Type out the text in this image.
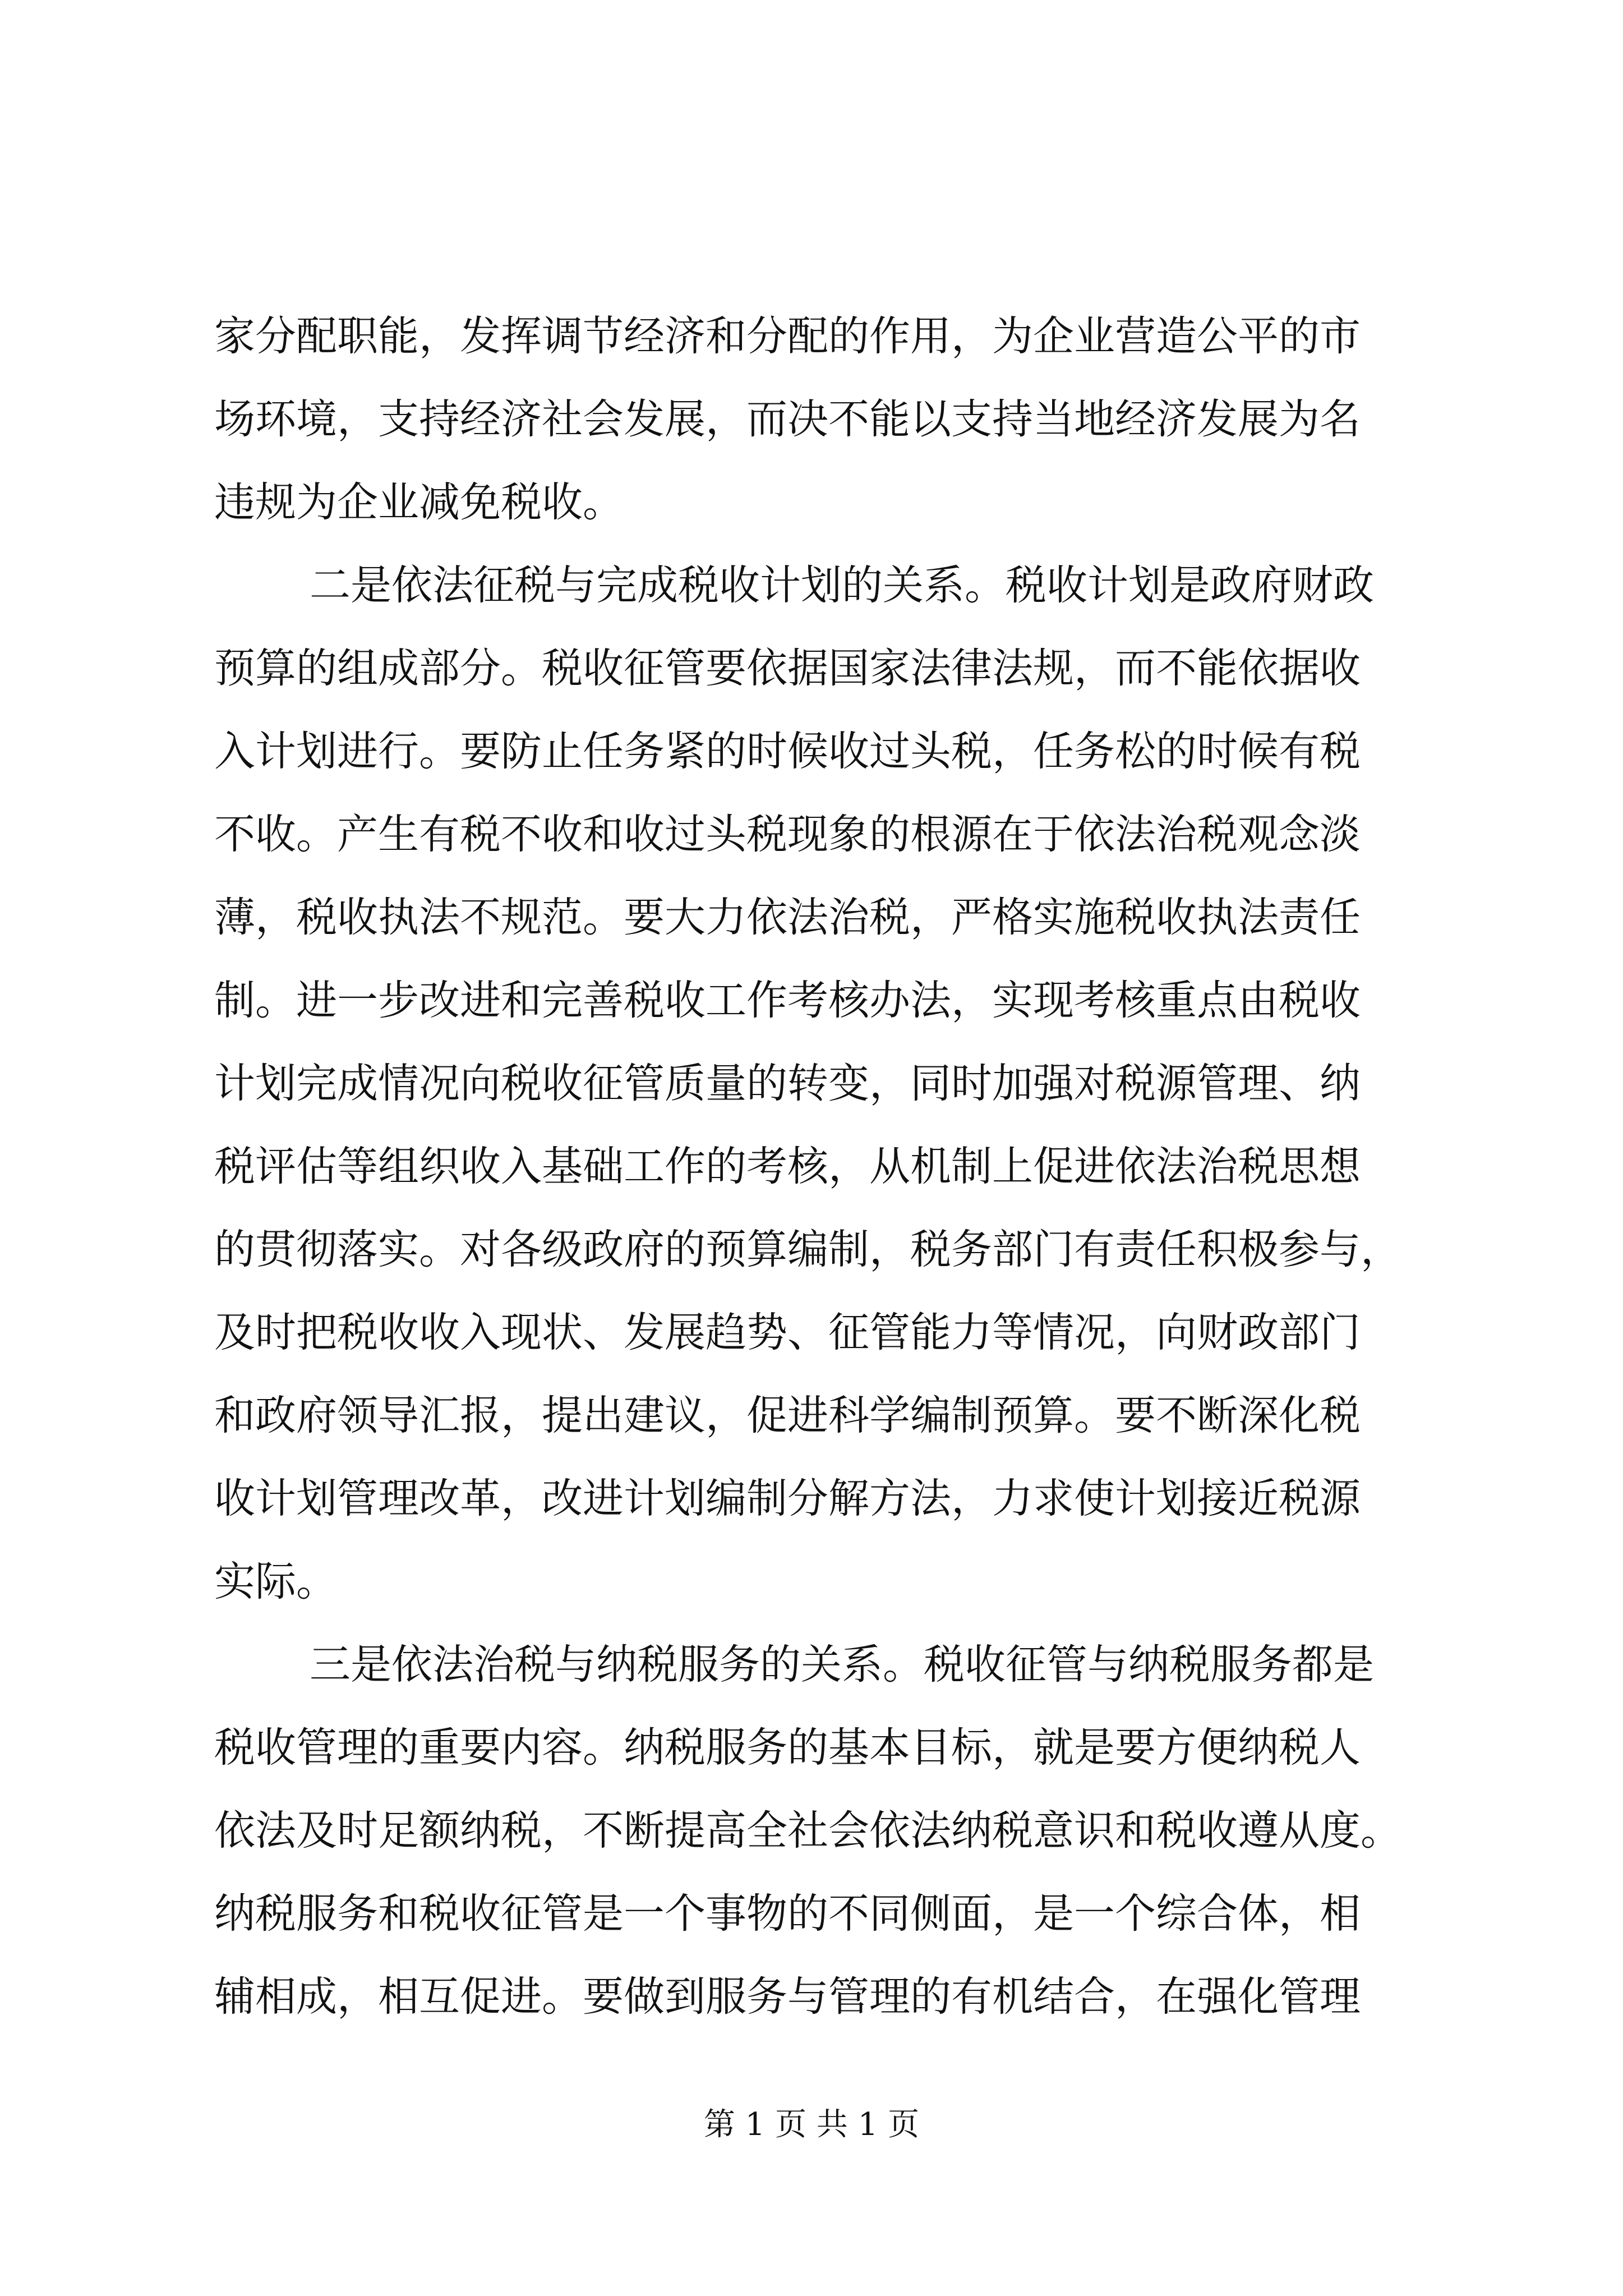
家分配职能，发挥调节经济和分配的作用，为企业营造公平的市
场环境，支持经济社会发展，而决不能以支持当地经济发展为名
违规为企业减免税收。
二是依法征税与完成税收计划的关系。税收计划是政府财政
预算的组成部分。税收征管要依据国家法律法规，而不能依据收
入计划进行。要防止任务紧的时候收过头税，任务松的时候有税
不收。产生有税不收和收过头税现象的根源在于依法治税观念淡
薄，税收执法不规范。要大力依法治税，严格实施税收执法责任
制。进一步改进和完善税收工作考核办法，实现考核重点由税收
计划完成情况向税收征管质量的转变，同时加强对税源管理、纳
税评估等组织收入基础工作的考核，从机制上促进依法治税思想
的贯彻落实。对各级政府的预算编制，税务部门有责任积极参与，
及时把税收收入现状、发展趋势、征管能力等情况，向财政部门
和政府领导汇报，提出建议，促进科学编制预算。要不断深化税
收计划管理改革，改进计划编制分解方法，力求使计划接近税源
实际。
三是依法治税与纳税服务的关系。税收征管与纳税服务都是
税收管理的重要内容。纳税服务的基本目标，就是要方便纳税人
依法及时足额纳税，不断提高全社会依法纳税意识和税收遵从度。
纳税服务和税收征管是一个事物的不同侧面，是一个综合体，相
辅相成，相互促进。要做到服务与管理的有机结合，在强化管理
第 1 页 共 1 页
